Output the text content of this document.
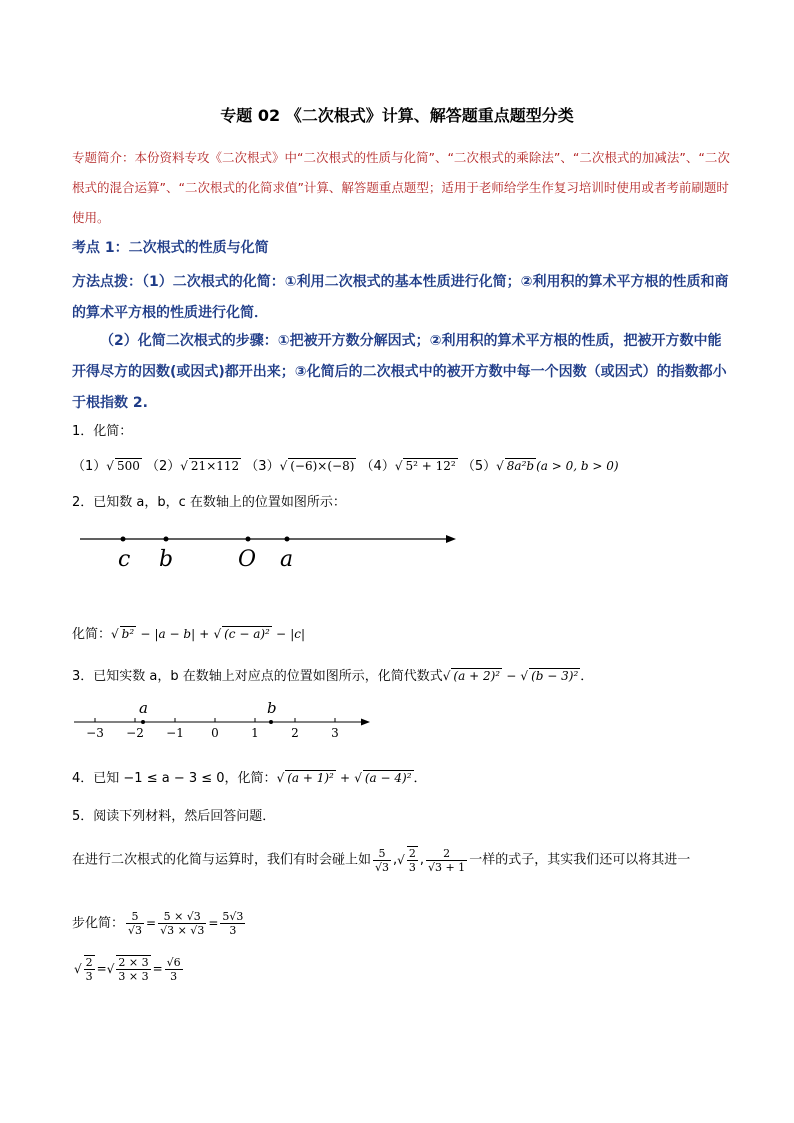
专题 02 《二次根式》计算、解答题重点题型分类
专题简介：本份资料专攻《二次根式》中“二次根式的性质与化简”、“二次根式的乘除法”、“二次根式的加减法”、“二次根式的混合运算”、“二次根式的化简求值”计算、解答题重点题型；适用于老师给学生作复习培训时使用或者考前刷题时使用。
考点 1：二次根式的性质与化简
方法点拨：（1）二次根式的化简：①利用二次根式的基本性质进行化简；②利用积的算术平方根的性质和商的算术平方根的性质进行化简．
（2）化简二次根式的步骤：①把被开方数分解因式；②利用积的算术平方根的性质，把被开方数中能开得尽方的因数(或因式)都开出来；③化简后的二次根式中的被开方数中每一个因数（或因式）的指数都小于根指数 2.
1．化简：
（1）√ 500 （2）√ 21×112 （3）√ (−6)×(−8) （4）√ 5² + 12² （5）√ 8a²b (a > 0, b > 0)
2．已知数 a，b，c 在数轴上的位置如图所示：
c b	O a
化简：√ b² − |a − b| + √ (c − a)² − |c|
3．已知实数 a，b 在数轴上对应点的位置如图所示，化简代数式√ (a + 2)² − √ (b − 3)² ．
−3 −2 −1 0	1	2	3
a	b
4．已知 −1 ≤ a − 3 ≤ 0，化简：√ (a + 1)² + √ (a − 4)² ．
5．阅读下列材料，然后回答问题．
在进行二次根式的化简与运算时，我们有时会碰上如 $\frac{5}{√3}$ ,√ $\frac{2}{3}$ , $\frac{2}{√3 + 1}$ 一样的式子，其实我们还可以将其进一
步化简： $\frac{5}{√3} = \frac{5 \times √3}{√3 \times √3} = \frac{5√3}{3}$
√ $\frac{2}{3}$ =√ $\frac{2 \times 3}{3 \times 3} = \frac{√6}{3}$
